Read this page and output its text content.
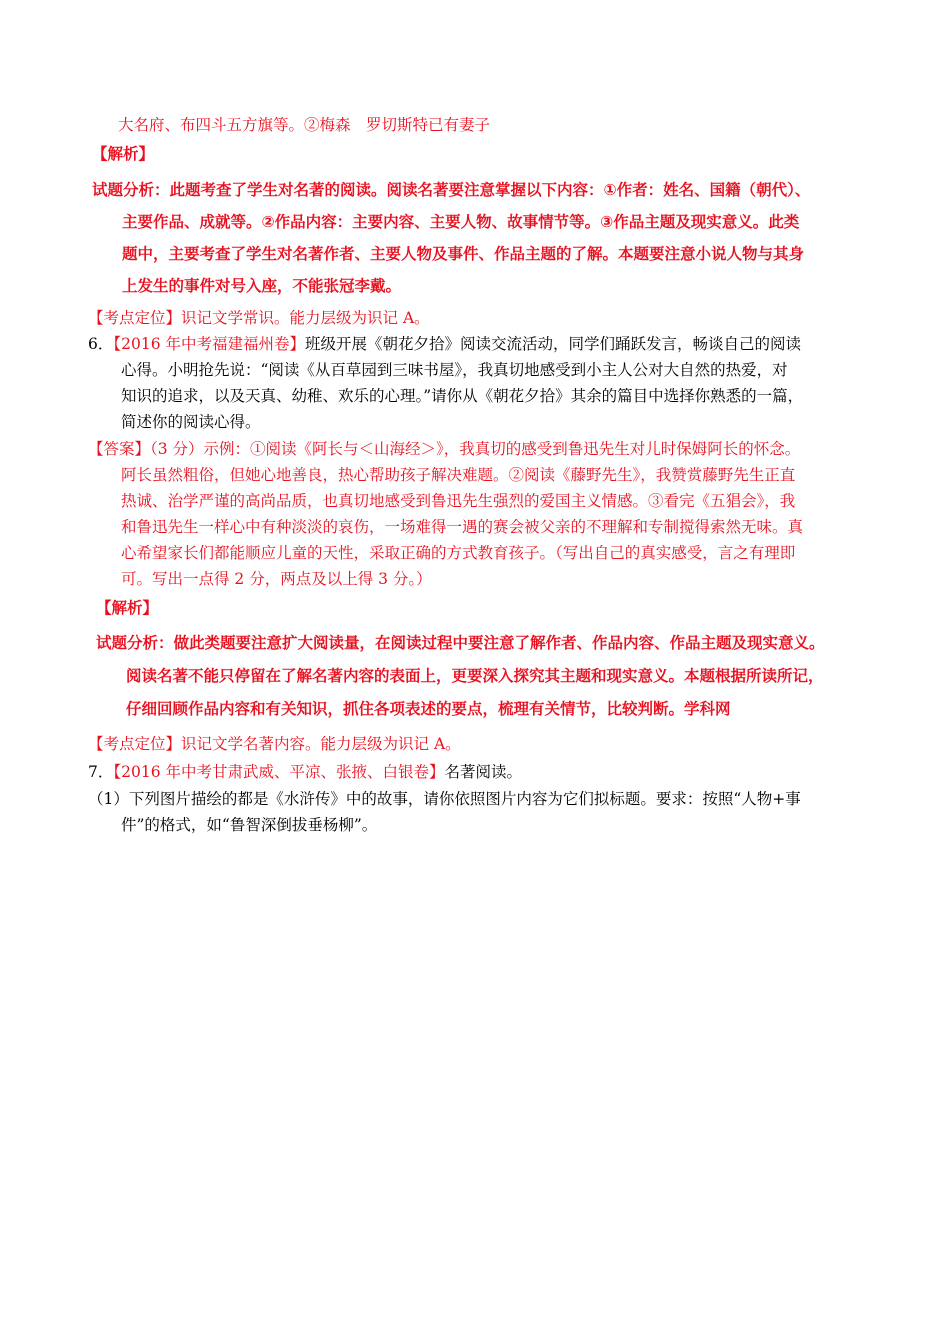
大名府、布四斗五方旗等。②梅森　罗切斯特已有妻子
【解析】
试题分析：此题考查了学生对名著的阅读。阅读名著要注意掌握以下内容：①作者：姓名、国籍（朝代）、
主要作品、成就等。②作品内容：主要内容、主要人物、故事情节等。③作品主题及现实意义。此类
题中，主要考查了学生对名著作者、主要人物及事件、作品主题的了解。本题要注意小说人物与其身
上发生的事件对号入座，不能张冠李戴。
【考点定位】识记文学常识。能力层级为识记 A。
6．【2016 年中考福建福州卷】班级开展《朝花夕拾》阅读交流活动，同学们踊跃发言，畅谈自己的阅读
心得。小明抢先说：“阅读《从百草园到三味书屋》，我真切地感受到小主人公对大自然的热爱，对
知识的追求，以及天真、幼稚、欢乐的心理。”请你从《朝花夕拾》其余的篇目中选择你熟悉的一篇，
简述你的阅读心得。
【答案】（3 分）示例：①阅读《阿长与＜山海经＞》，我真切的感受到鲁迅先生对儿时保姆阿长的怀念。
阿长虽然粗俗，但她心地善良，热心帮助孩子解决难题。②阅读《藤野先生》，我赞赏藤野先生正直
热诚、治学严谨的高尚品质，也真切地感受到鲁迅先生强烈的爱国主义情感。③看完《五猖会》，我
和鲁迅先生一样心中有种淡淡的哀伤，一场难得一遇的赛会被父亲的不理解和专制搅得索然无味。真
心希望家长们都能顺应儿童的天性，采取正确的方式教育孩子。（写出自己的真实感受，言之有理即
可。写出一点得 2 分，两点及以上得 3 分。）
【解析】
试题分析：做此类题要注意扩大阅读量，在阅读过程中要注意了解作者、作品内容、作品主题及现实意义。
阅读名著不能只停留在了解名著内容的表面上，更要深入探究其主题和现实意义。本题根据所读所记，
仔细回顾作品内容和有关知识，抓住各项表述的要点，梳理有关情节，比较判断。学科网
【考点定位】识记文学名著内容。能力层级为识记 A。
7．【2016 年中考甘肃武威、平凉、张掖、白银卷】名著阅读。
（1）下列图片描绘的都是《水浒传》中的故事，请你依照图片内容为它们拟标题。要求：按照“人物+事
件”的格式，如“鲁智深倒拔垂杨柳”。
